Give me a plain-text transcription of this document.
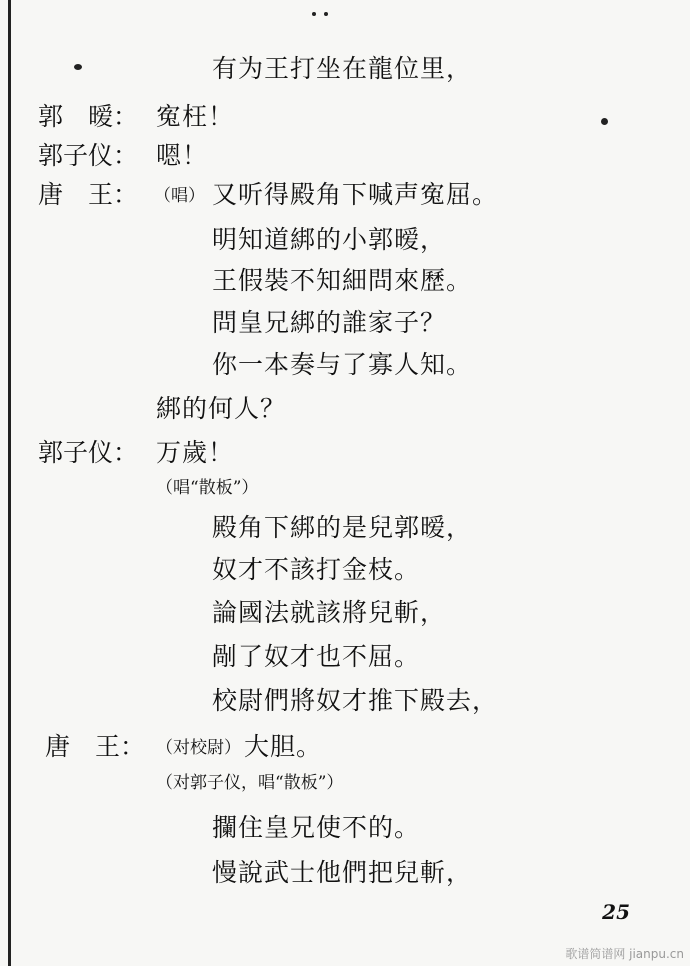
有为王打坐在龍位里，
郭　暧： 寃枉！
郭子仪： 嗯！
唐　王： （唱） 又听得殿角下喊声寃屈。
明知道綁的小郭暧，
王假裝不知細問來歷。
問皇兄綁的誰家子？
你一本奏与了寡人知。
綁的何人？
郭子仪： 万歲！
（唱“散板”）
殿角下綁的是兒郭暧，
奴才不該打金枝。
論國法就該將兒斬，
剮了奴才也不屈。
校尉們將奴才推下殿去，
唐　王： （对校尉） 大胆。
（对郭子仪，唱“散板”）
攔住皇兄使不的。
慢說武士他們把兒斬，
25
歌谱简谱网 jianpu.cn
